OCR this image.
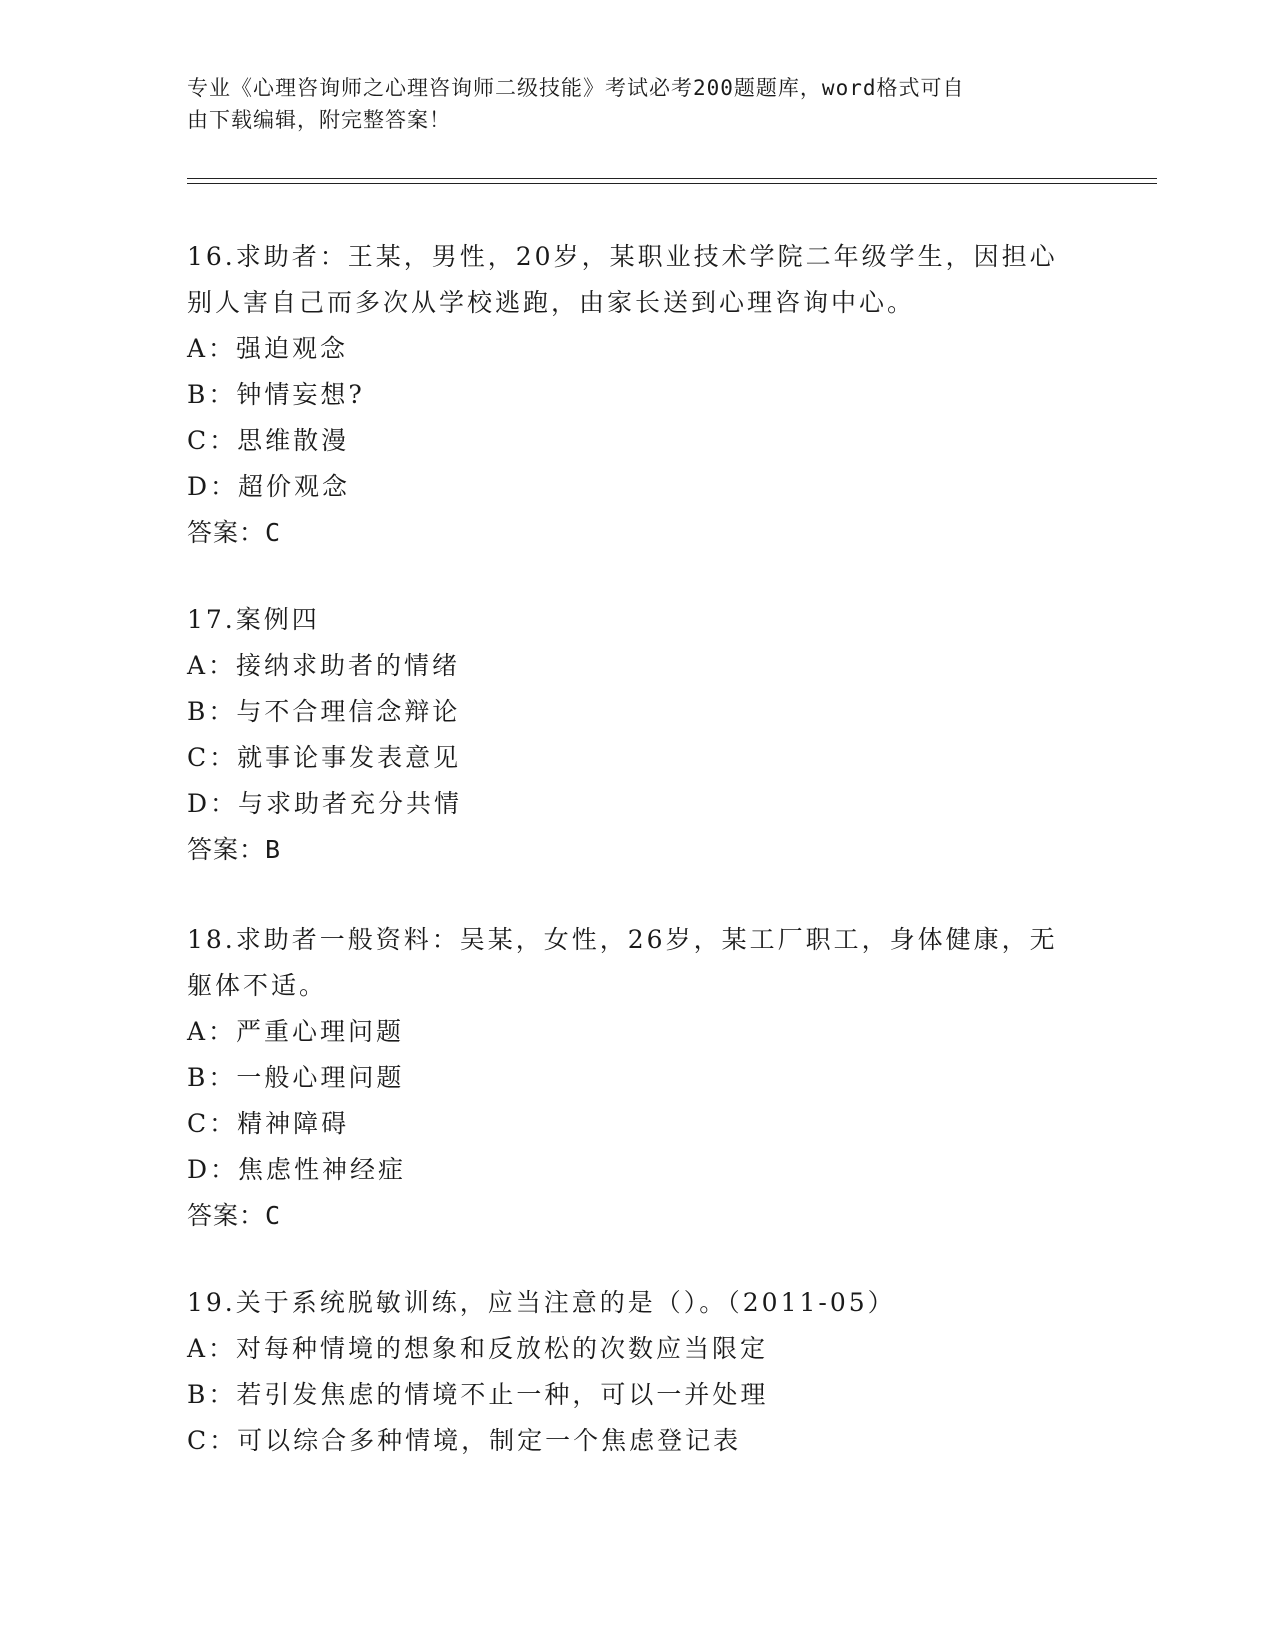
专业《心理咨询师之心理咨询师二级技能》考试必考200题题库，word格式可自
由下载编辑，附完整答案！
16.求助者：王某，男性，20岁，某职业技术学院二年级学生，因担心
别人害自己而多次从学校逃跑，由家长送到心理咨询中心。
A：强迫观念
B：钟情妄想?
C：思维散漫
D：超价观念
答案：C
17.案例四
A：接纳求助者的情绪
B：与不合理信念辩论
C：就事论事发表意见
D：与求助者充分共情
答案：B
18.求助者一般资料：吴某，女性，26岁，某工厂职工，身体健康，无
躯体不适。
A：严重心理问题
B：一般心理问题
C：精神障碍
D：焦虑性神经症
答案：C
19.关于系统脱敏训练，应当注意的是（）。（2011-05）
A：对每种情境的想象和反放松的次数应当限定
B：若引发焦虑的情境不止一种，可以一并处理
C：可以综合多种情境，制定一个焦虑登记表
